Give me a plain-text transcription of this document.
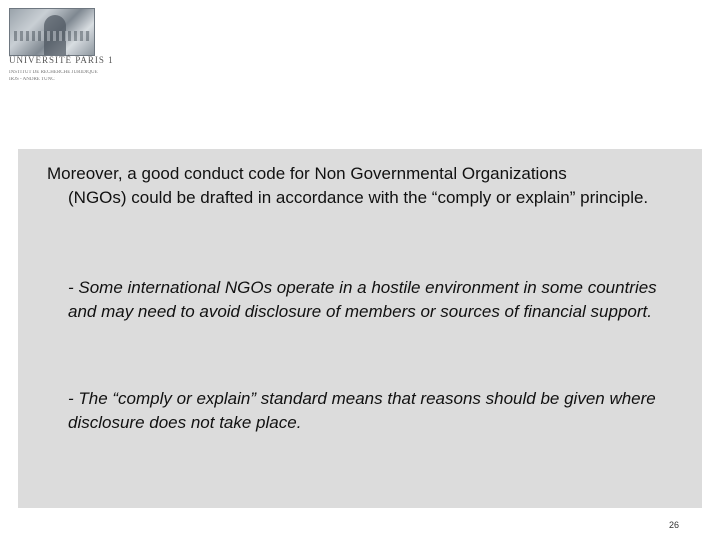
UNIVERSITÉ PARIS 1
INSTITUT DE RECHERCHE JURIDIQUE
IRJS - ANDRE TUNC

Moreover, a good conduct code for Non Governmental Organizations
(NGOs) could be drafted in accordance with the “comply or explain” principle.

- Some international NGOs operate in a hostile environment in some countries and may need to avoid disclosure of members or sources of financial support.

- The “comply or explain” standard means that reasons should be given where disclosure does not take place.

26
